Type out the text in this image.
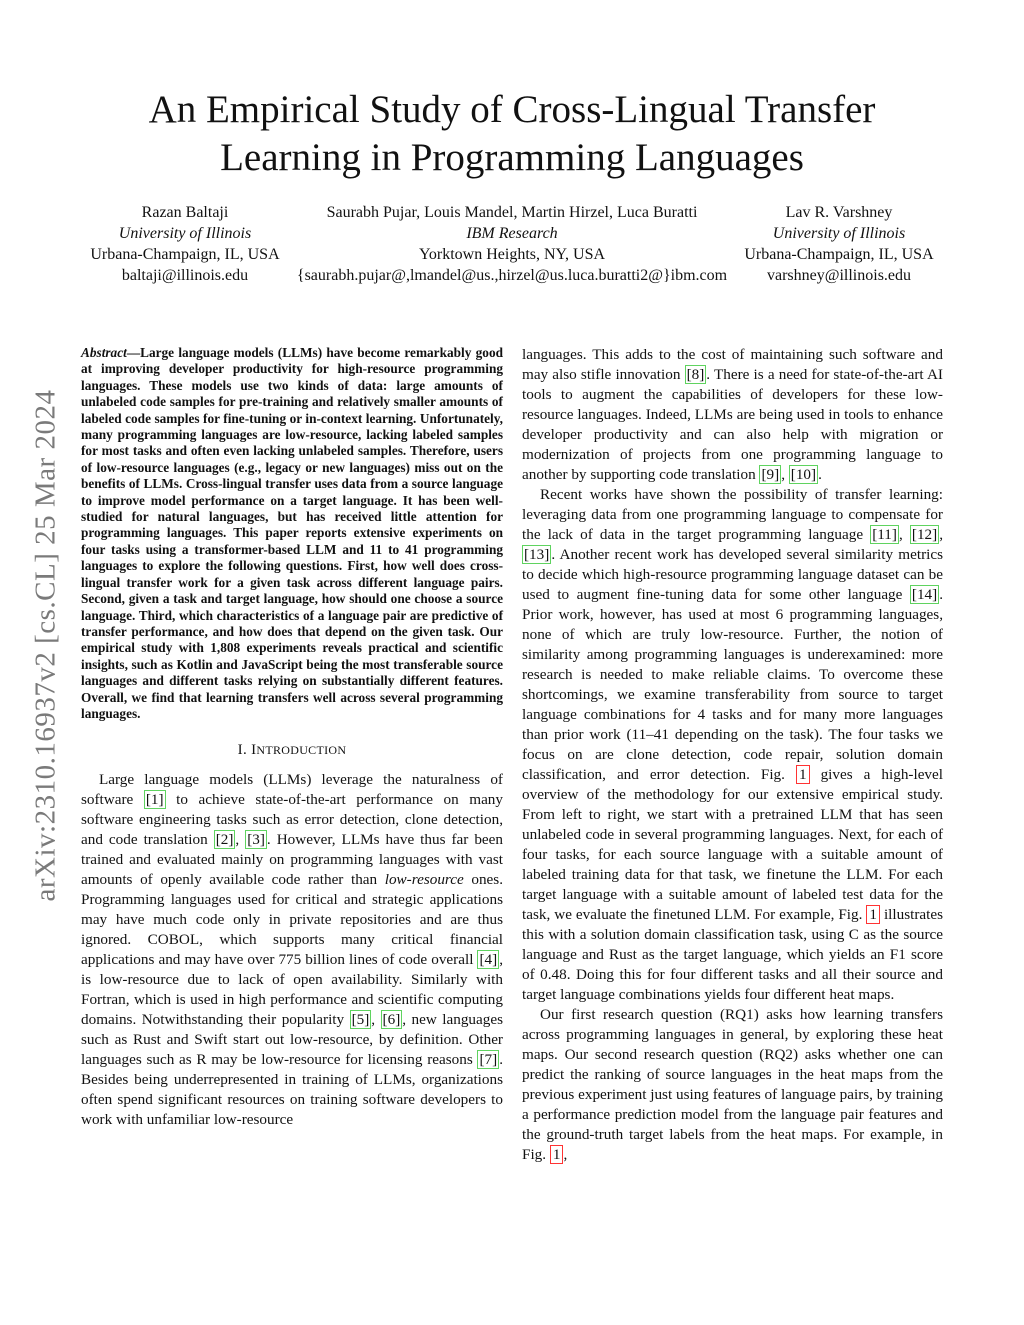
arXiv:2310.16937v2 [cs.CL] 25 Mar 2024
An Empirical Study of Cross-Lingual Transfer
Learning in Programming Languages
Razan Baltaji
University of Illinois
Urbana-Champaign, IL, USA
baltaji@illinois.edu
Saurabh Pujar, Louis Mandel, Martin Hirzel, Luca Buratti
IBM Research
Yorktown Heights, NY, USA
{saurabh.pujar@,lmandel@us.,hirzel@us.luca.buratti2@}ibm.com
Lav R. Varshney
University of Illinois
Urbana-Champaign, IL, USA
varshney@illinois.edu

Abstract—Large language models (LLMs) have become remarkably good at improving developer productivity for high-resource programming languages. These models use two kinds of data: large amounts of unlabeled code samples for pre-training and relatively smaller amounts of labeled code samples for fine-tuning or in-context learning. Unfortunately, many programming languages are low-resource, lacking labeled samples for most tasks and often even lacking unlabeled samples. Therefore, users of low-resource languages (e.g., legacy or new languages) miss out on the benefits of LLMs. Cross-lingual transfer uses data from a source language to improve model performance on a target language. It has been well-studied for natural languages, but has received little attention for programming languages. This paper reports extensive experiments on four tasks using a transformer-based LLM and 11 to 41 programming languages to explore the following questions. First, how well does cross-lingual transfer work for a given task across different language pairs. Second, given a task and target language, how should one choose a source language. Third, which characteristics of a language pair are predictive of transfer performance, and how does that depend on the given task. Our empirical study with 1,808 experiments reveals practical and scientific insights, such as Kotlin and JavaScript being the most transferable source languages and different tasks relying on substantially different features. Overall, we find that learning transfers well across several programming languages.

I. INTRODUCTION

Large language models (LLMs) leverage the naturalness of software [1] to achieve state-of-the-art performance on many software engineering tasks such as error detection, clone detection, and code translation [2] , [3] . However, LLMs have thus far been trained and evaluated mainly on programming languages with vast amounts of openly available code rather than low-resource ones. Programming languages used for critical and strategic applications may have much code only in private repositories and are thus ignored. COBOL, which supports many critical financial applications and may have over 775 billion lines of code overall [4] , is low-resource due to lack of open availability. Similarly with Fortran, which is used in high performance and scientific computing domains. Notwithstanding their popularity [5] , [6] , new languages such as Rust and Swift start out low-resource, by definition. Other languages such as R may be low-resource for licensing reasons [7] . Besides being underrepresented in training of LLMs, organizations often spend significant resources on training software developers to work with unfamiliar low-resource

languages. This adds to the cost of maintaining such software and may also stifle innovation [8] . There is a need for state-of-the-art AI tools to augment the capabilities of developers for these low-resource languages. Indeed, LLMs are being used in tools to enhance developer productivity and can also help with migration or modernization of projects from one programming language to another by supporting code translation [9] , [10] .

Recent works have shown the possibility of transfer learning: leveraging data from one programming language to compensate for the lack of data in the target programming language [11] , [12] , [13] . Another recent work has developed several similarity metrics to decide which high-resource programming language dataset can be used to augment fine-tuning data for some other language [14] . Prior work, however, has used at most 6 programming languages, none of which are truly low-resource. Further, the notion of similarity among programming languages is underexamined: more research is needed to make reliable claims. To overcome these shortcomings, we examine transferability from source to target language combinations for 4 tasks and for many more languages than prior work (11–41 depending on the task). The four tasks we focus on are clone detection, code repair, solution domain classification, and error detection. Fig. 1 gives a high-level overview of the methodology for our extensive empirical study. From left to right, we start with a pretrained LLM that has seen unlabeled code in several programming languages. Next, for each of four tasks, for each source language with a suitable amount of labeled training data for that task, we finetune the LLM. For each target language with a suitable amount of labeled test data for the task, we evaluate the finetuned LLM. For example, Fig. 1 illustrates this with a solution domain classification task, using C as the source language and Rust as the target language, which yields an F1 score of 0.48. Doing this for four different tasks and all their source and target language combinations yields four different heat maps.

Our first research question (RQ1) asks how learning transfers across programming languages in general, by exploring these heat maps. Our second research question (RQ2) asks whether one can predict the ranking of source languages in the heat maps from the previous experiment just using features of language pairs, by training a performance prediction model from the language pair features and the ground-truth target labels from the heat maps. For example, in Fig. 1 ,
